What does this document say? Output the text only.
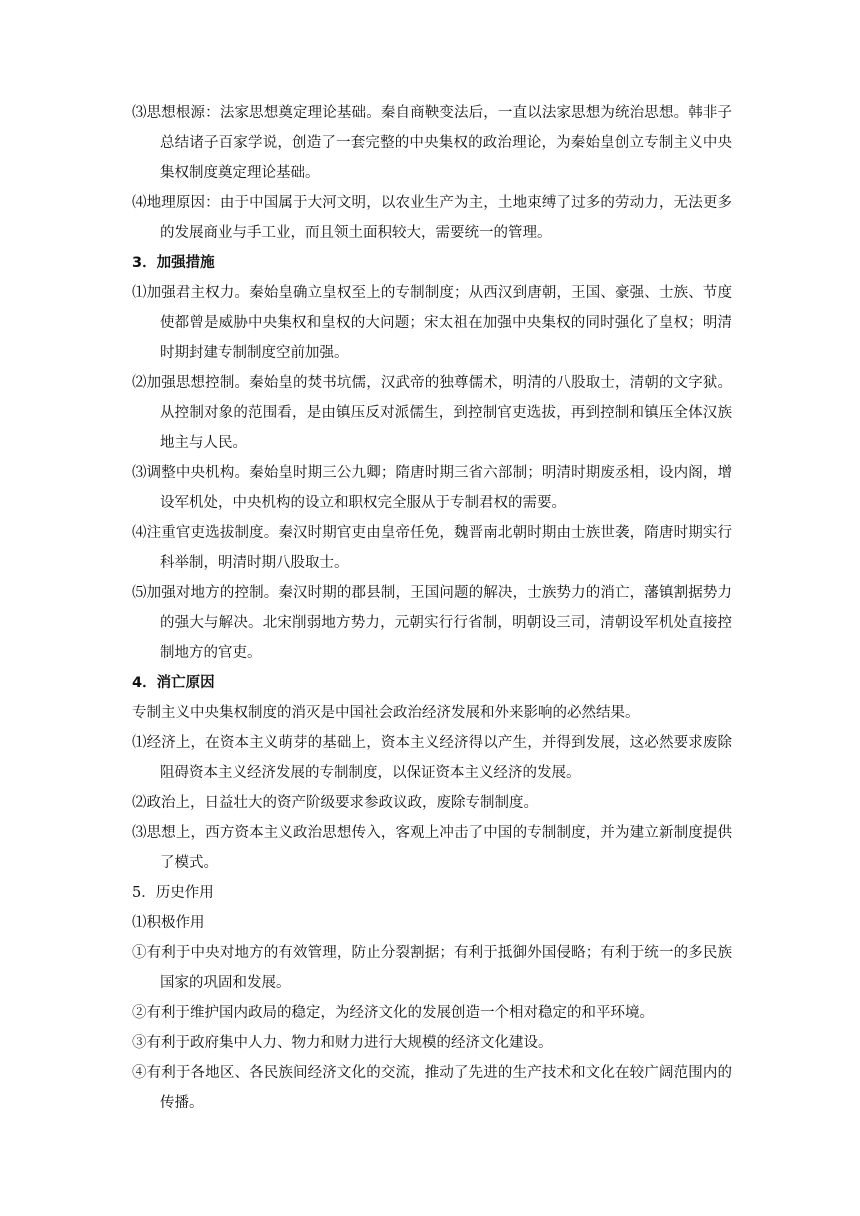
⑶思想根源：法家思想奠定理论基础。秦自商鞅变法后，一直以法家思想为统治思想。韩非子总结诸子百家学说，创造了一套完整的中央集权的政治理论，为秦始皇创立专制主义中央集权制度奠定理论基础。

⑷地理原因：由于中国属于大河文明，以农业生产为主，土地束缚了过多的劳动力，无法更多的发展商业与手工业，而且领土面积较大，需要统一的管理。

3．加强措施

⑴加强君主权力。秦始皇确立皇权至上的专制制度；从西汉到唐朝，王国、豪强、士族、节度使都曾是威胁中央集权和皇权的大问题；宋太祖在加强中央集权的同时强化了皇权；明清时期封建专制制度空前加强。

⑵加强思想控制。秦始皇的焚书坑儒，汉武帝的独尊儒术，明清的八股取士，清朝的文字狱。从控制对象的范围看，是由镇压反对派儒生，到控制官吏选拔，再到控制和镇压全体汉族地主与人民。

⑶调整中央机构。秦始皇时期三公九卿；隋唐时期三省六部制；明清时期废丞相，设内阁，增设军机处，中央机构的设立和职权完全服从于专制君权的需要。

⑷注重官吏选拔制度。秦汉时期官吏由皇帝任免，魏晋南北朝时期由士族世袭，隋唐时期实行科举制，明清时期八股取士。

⑸加强对地方的控制。秦汉时期的郡县制，王国问题的解决，士族势力的消亡，藩镇割据势力的强大与解决。北宋削弱地方势力，元朝实行行省制，明朝设三司，清朝设军机处直接控制地方的官吏。

4．消亡原因

专制主义中央集权制度的消灭是中国社会政治经济发展和外来影响的必然结果。

⑴经济上，在资本主义萌芽的基础上，资本主义经济得以产生，并得到发展，这必然要求废除阻碍资本主义经济发展的专制制度，以保证资本主义经济的发展。

⑵政治上，日益壮大的资产阶级要求参政议政，废除专制制度。

⑶思想上，西方资本主义政治思想传入，客观上冲击了中国的专制制度，并为建立新制度提供了模式。

5．历史作用

⑴积极作用

①有利于中央对地方的有效管理，防止分裂割据；有利于抵御外国侵略；有利于统一的多民族国家的巩固和发展。

②有利于维护国内政局的稳定，为经济文化的发展创造一个相对稳定的和平环境。

③有利于政府集中人力、物力和财力进行大规模的经济文化建设。

④有利于各地区、各民族间经济文化的交流，推动了先进的生产技术和文化在较广阔范围内的传播。
